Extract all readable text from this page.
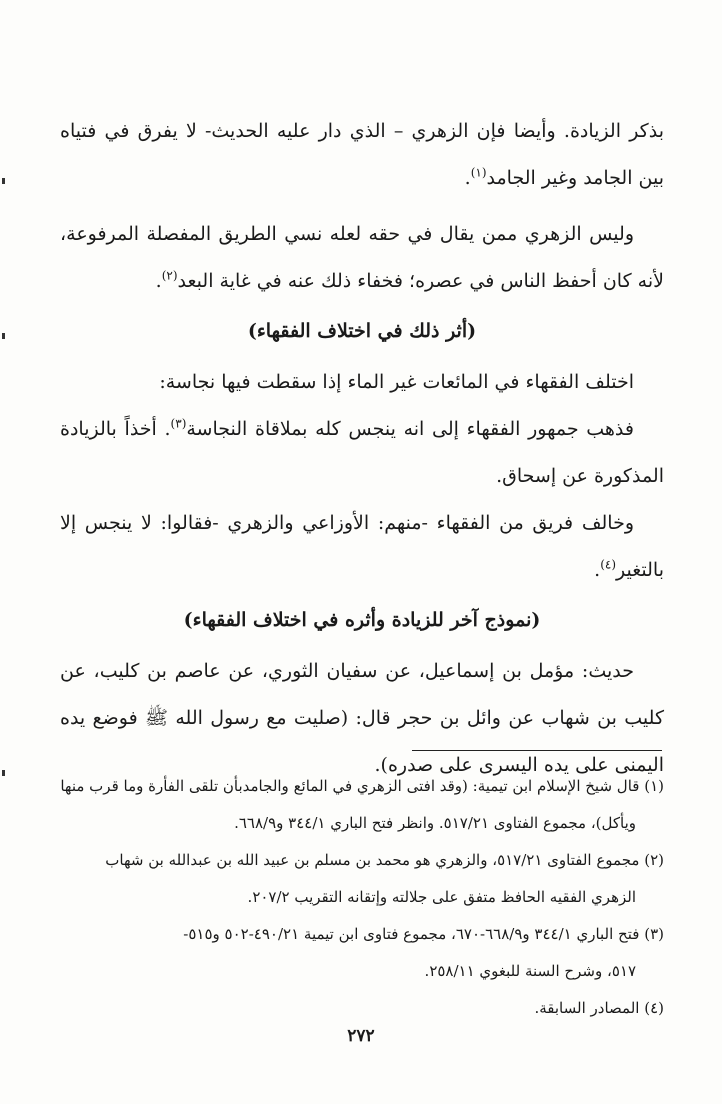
بذكر الزيادة. وأيضا فإن الزهري – الذي دار عليه الحديث- لا يفرق في فتياه بين الجامد وغير الجامد$^{(١)}$.

وليس الزهري ممن يقال في حقه لعله نسي الطريق المفصلة المرفوعة، لأنه كان أحفظ الناس في عصره؛ فخفاء ذلك عنه في غاية البعد$^{(٢)}$.

(أثر ذلك في اختلاف الفقهاء)

اختلف الفقهاء في المائعات غير الماء إذا سقطت فيها نجاسة:

فذهب جمهور الفقهاء إلى انه ينجس كله بملاقاة النجاسة$^{(٣)}$. أخذاً بالزيادة المذكورة عن إسحاق.

وخالف فريق من الفقهاء -منهم: الأوزاعي والزهري -فقالوا: لا ينجس إلا بالتغير$^{(٤)}$.

(نموذج آخر للزيادة وأثره في اختلاف الفقهاء)

حديث: مؤمل بن إسماعيل، عن سفيان الثوري، عن عاصم بن كليب، عن كليب بن شهاب عن وائل بن حجر قال: (صليت مع رسول الله ﷺ فوضع يده اليمنى على يده اليسرى على صدره).

(١) قال شيخ الإسلام ابن تيمية: (وقد افتى الزهري في المائع والجامدبأن تلقى الفأرة وما قرب منها
ويأكل)، مجموع الفتاوى ٥١٧/٢١. وانظر فتح الباري ٣٤٤/١ و٦٦٨/٩.

(٢) مجموع الفتاوى ٥١٧/٢١، والزهري هو محمد بن مسلم بن عبيد الله بن عبدالله بن شهاب
الزهري الفقيه الحافظ متفق على جلالته وإتقانه التقريب ٢٠٧/٢.

(٣) فتح الباري ٣٤٤/١ و٦٦٨/٩-٦٧٠، مجموع فتاوى ابن تيمية ٤٩٠/٢١-٥٠٢ و٥١٥-
٥١٧، وشرح السنة للبغوي ٢٥٨/١١.

(٤) المصادر السابقة.

٢٧٢
